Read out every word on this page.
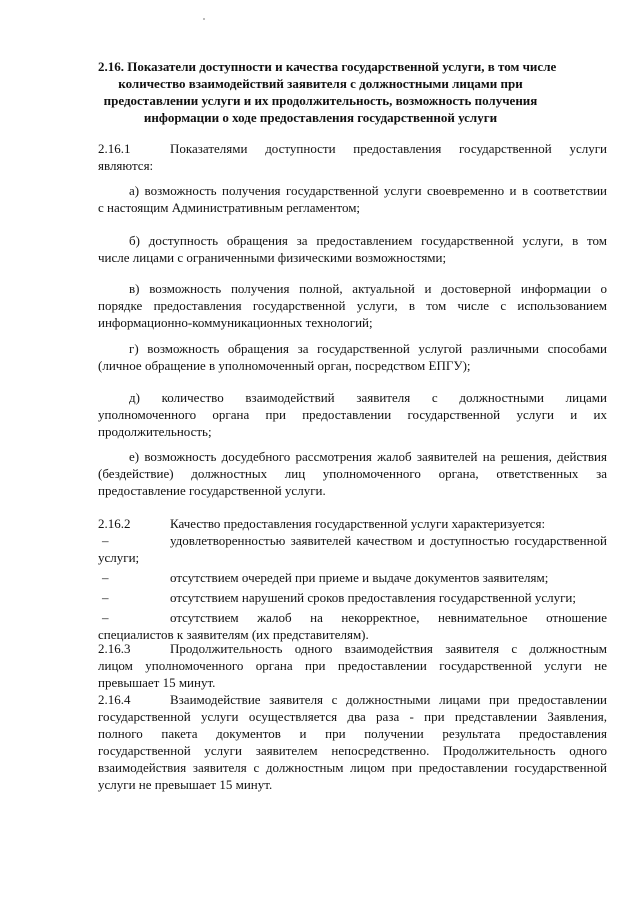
2.16. Показатели доступности и качества государственной услуги, в том числе
количество взаимодействий заявителя с должностными лицами при
предоставлении услуги и их продолжительность, возможность получения
информации о ходе предоставления государственной услуги
2.16.1	Показателями доступности предоставления государственной услуги
являются:
а) возможность получения государственной услуги своевременно и в соответствии
с настоящим Административным регламентом;
б) доступность обращения за предоставлением государственной услуги, в том
числе лицами с ограниченными физическими возможностями;
в) возможность получения полной, актуальной и достоверной информации о
порядке предоставления государственной услуги, в том числе с использованием
информационно-коммуникационных технологий;
г) возможность обращения за государственной услугой различными способами
(личное обращение в уполномоченный орган, посредством ЕПГУ);
д) количество взаимодействий заявителя с должностными лицами
уполномоченного органа при предоставлении государственной услуги и их
продолжительность;
е) возможность досудебного рассмотрения жалоб заявителей на решения, действия
(бездействие) должностных лиц уполномоченного органа, ответственных за
предоставление государственной услуги.
2.16.2	Качество предоставления государственной услуги характеризуется:
–	удовлетворенностью заявителей качеством и доступностью государственной
услуги;
–	отсутствием очередей при приеме и выдаче документов заявителям;
–	отсутствием нарушений сроков предоставления государственной услуги;
–	отсутствием жалоб на некорректное, невнимательное отношение
специалистов к заявителям (их представителям).
2.16.3	Продолжительность одного взаимодействия заявителя с должностным
лицом уполномоченного органа при предоставлении государственной услуги не
превышает 15 минут.
2.16.4	Взаимодействие заявителя с должностными лицами при предоставлении
государственной услуги осуществляется два раза - при представлении Заявления,
полного пакета документов и при получении результата предоставления
государственной услуги заявителем непосредственно. Продолжительность одного
взаимодействия заявителя с должностным лицом при предоставлении государственной
услуги не превышает 15 минут.
